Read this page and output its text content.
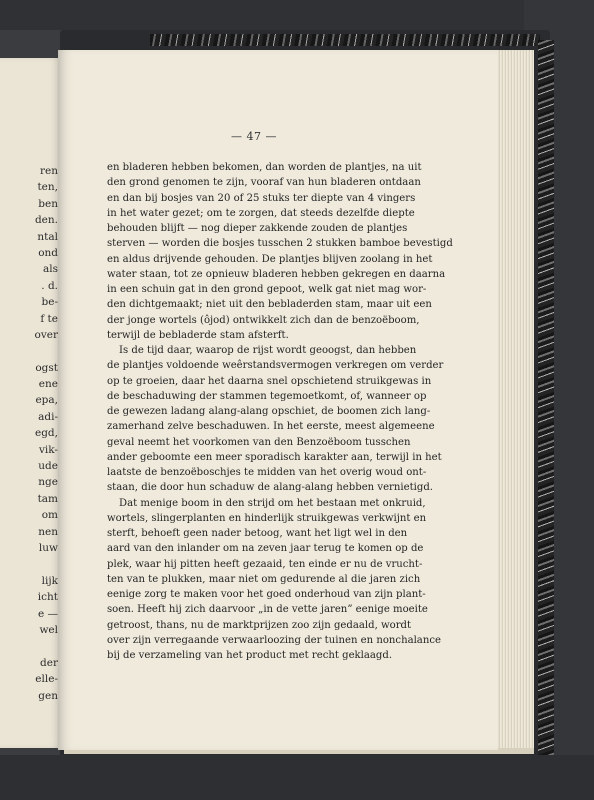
ren
ten,
ben
den.
ntal
ond
als
. d.
be-
f te
over
ogst
ene
epa,
adi-
egd,
vik-
ude
nge
tam
om
nen
luw
lijk
icht
e —
wel
der
elle-
gen
— 47 —
en bladeren hebben bekomen, dan worden de plantjes, na uit
den grond genomen te zijn, vooraf van hun bladeren ontdaan
en dan bij bosjes van 20 of 25 stuks ter diepte van 4 vingers
in het water gezet; om te zorgen, dat steeds dezelfde diepte
behouden blijft — nog dieper zakkende zouden de plantjes
sterven — worden die bosjes tusschen 2 stukken bamboe bevestigd
en aldus drijvende gehouden. De plantjes blijven zoolang in het
water staan, tot ze opnieuw bladeren hebben gekregen en daarna
in een schuin gat in den grond gepoot, welk gat niet mag wor-
den dichtgemaakt; niet uit den bebladerden stam, maar uit een
der jonge wortels (ôjod) ontwikkelt zich dan de benzoëboom,
terwijl de bebladerde stam afsterft.
Is de tijd daar, waarop de rijst wordt geoogst, dan hebben
de plantjes voldoende weêrstandsvermogen verkregen om verder
op te groeien, daar het daarna snel opschietend struikgewas in
de beschaduwing der stammen tegemoetkomt, of, wanneer op
de gewezen ladang alang-alang opschiet, de boomen zich lang-
zamerhand zelve beschaduwen. In het eerste, meest algemeene
geval neemt het voorkomen van den Benzoëboom tusschen
ander geboomte een meer sporadisch karakter aan, terwijl in het
laatste de benzoëboschjes te midden van het overig woud ont-
staan, die door hun schaduw de alang-alang hebben vernietigd.
Dat menige boom in den strijd om het bestaan met onkruid,
wortels, slingerplanten en hinderlijk struikgewas verkwijnt en
sterft, behoeft geen nader betoog, want het ligt wel in den
aard van den inlander om na zeven jaar terug te komen op de
plek, waar hij pitten heeft gezaaid, ten einde er nu de vrucht-
ten van te plukken, maar niet om gedurende al die jaren zich
eenige zorg te maken voor het goed onderhoud van zijn plant-
soen. Heeft hij zich daarvoor „in de vette jaren” eenige moeite
getroost, thans, nu de marktprijzen zoo zijn gedaald, wordt
over zijn verregaande verwaarloozing der tuinen en nonchalance
bij de verzameling van het product met recht geklaagd.
